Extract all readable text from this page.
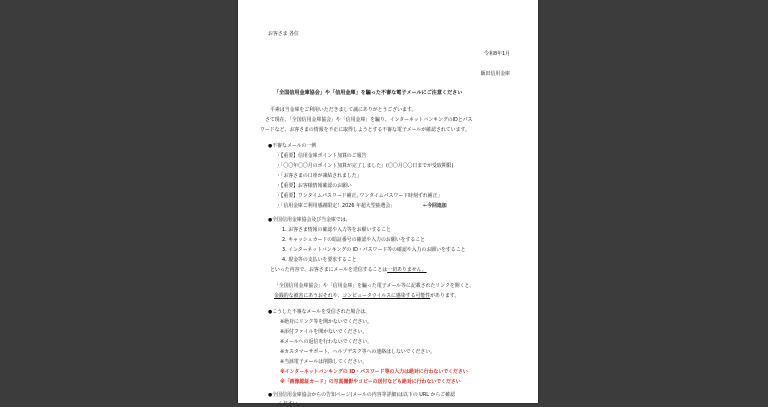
お客さま 各位
令和8年1月
飯田信用金庫
「全国信用金庫協会」や「信用金庫」を騙った不審な電子メールにご注意ください
平素は当金庫をご利用いただきまして誠にありがとうございます。
さて現在、「全国信用金庫協会」や「信用金庫」を騙り、インターネットバンキングのIDとパス
ワードなど、お客さまの情報を不正に取得しようとする不審な電子メールが確認されています。
●不審なメールの一例
・【重要】信用金庫ポイント加算のご報告
・「〇〇年〇〇月のポイント加算が完了しました」(〇〇月〇〇日までが受取期限)
・「お客さまの口座が凍結されました」
・【重要】お客様情報確認のお願い
・【重要】ワンタイムパスワード補正, ワンタイムパスワード時刻ずれ補正」
・「信用金庫ご利用感謝限定！2026 年超大型抽選会」	←今回追加
●全国信用金庫協会及び当金庫では、
1. お客さま情報の確認や入力等をお願いすること
2. キャッシュカードの暗証番号の確認や入力のお願いをすること
3. インターネットバンキングの ID・パスワード等の確認や入力のお願いをすること
4. 現金等の支払いを要求すること
といった内容で、お客さまにメールを送信することは一切ありません。
「全国信用金庫協会」や「信用金庫」を騙った電子メール等に記載されたリンクを開くと、
金銭的な被害にあうおそれや、コンピュータウイルスに感染する可能性があります。
●こうした不審なメールを受信された場合は、
※絶対にリンク等を開かないでください。
※添付ファイルを開かないでください。
※メールへの返信を行わないでください。
※カスタマーサポート、ヘルプデスク等への連絡はしないでください。
※当該電子メールは削除してください。
※インターネットバンキングの ID・パスワード等の入力は絶対に行わないでください
※「画像認証カード」の写真撮影やコピーの送付なども絶対に行わないでください
●全国信用金庫協会からの告知ページ(メールの内容等詳細)は以下の URL からご確認
ください。
